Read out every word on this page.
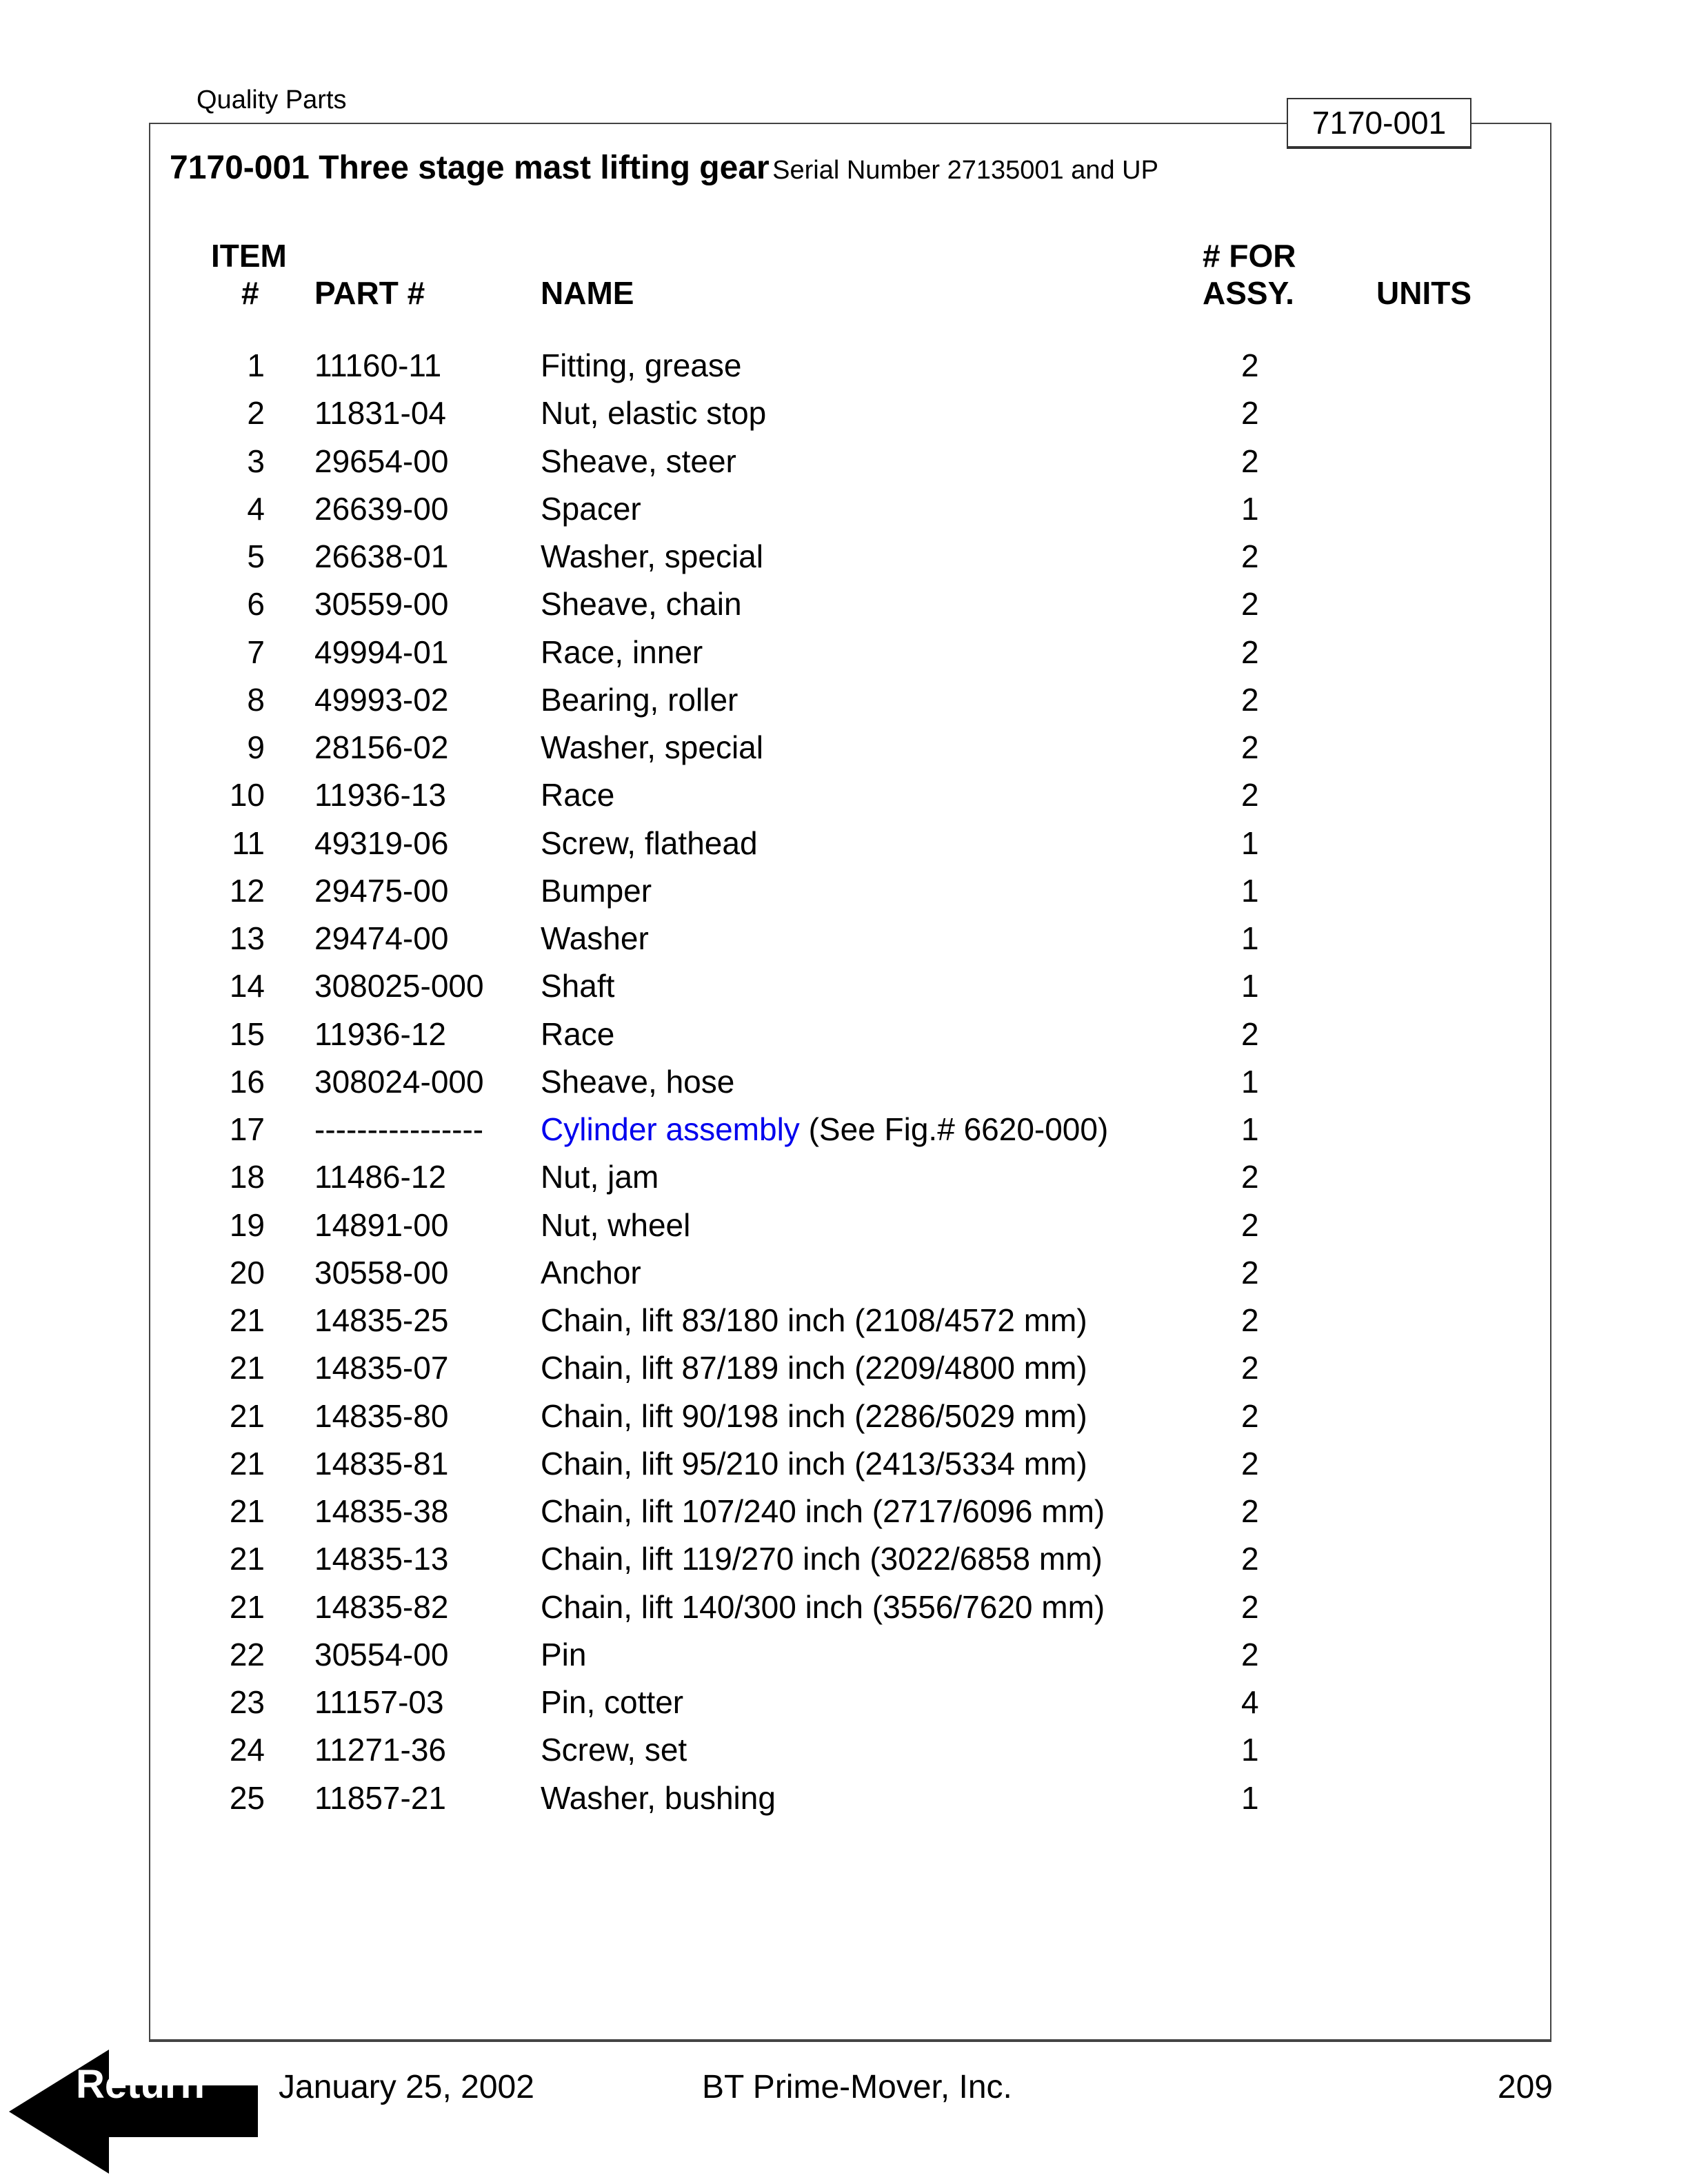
Quality Parts
7170-001
7170-001 Three stage mast lifting gear Serial Number 27135001 and UP
ITEM
# PART #	NAME
# FOR
ASSY.	UNITS
1 11160-11	Fitting, grease	2
2 11831-04	Nut, elastic stop	2
3 29654-00	Sheave, steer	2
4 26639-00	Spacer	1
5 26638-01	Washer, special	2
6 30559-00	Sheave, chain	2
7 49994-01	Race, inner	2
8 49993-02	Bearing, roller	2
9 28156-02	Washer, special	2
10 11936-13	Race	2
11 49319-06	Screw, flathead	1
12 29475-00	Bumper	1
13 29474-00	Washer	1
14 308025-000 Shaft	1
15 11936-12	Race	2
16 308024-000 Sheave, hose	1
17 ---------------- Cylinder assembly (See Fig.# 6620-000)	1
18 11486-12	Nut, jam	2
19 14891-00	Nut, wheel	2
20 30558-00	Anchor	2
21 14835-25	Chain, lift 83/180 inch (2108/4572 mm)	2
21 14835-07	Chain, lift 87/189 inch (2209/4800 mm)	2
21 14835-80	Chain, lift 90/198 inch (2286/5029 mm)	2
21 14835-81	Chain, lift 95/210 inch (2413/5334 mm)	2
21 14835-38	Chain, lift 107/240 inch (2717/6096 mm)	2
21 14835-13	Chain, lift 119/270 inch (3022/6858 mm)	2
21 14835-82	Chain, lift 140/300 inch (3556/7620 mm)	2
22 30554-00	Pin	2
23 11157-03	Pin, cotter	4
24 11271-36	Screw, set	1
25 11857-21	Washer, bushing	1
January 25, 2002	BT Prime-Mover, Inc.	209
Return
